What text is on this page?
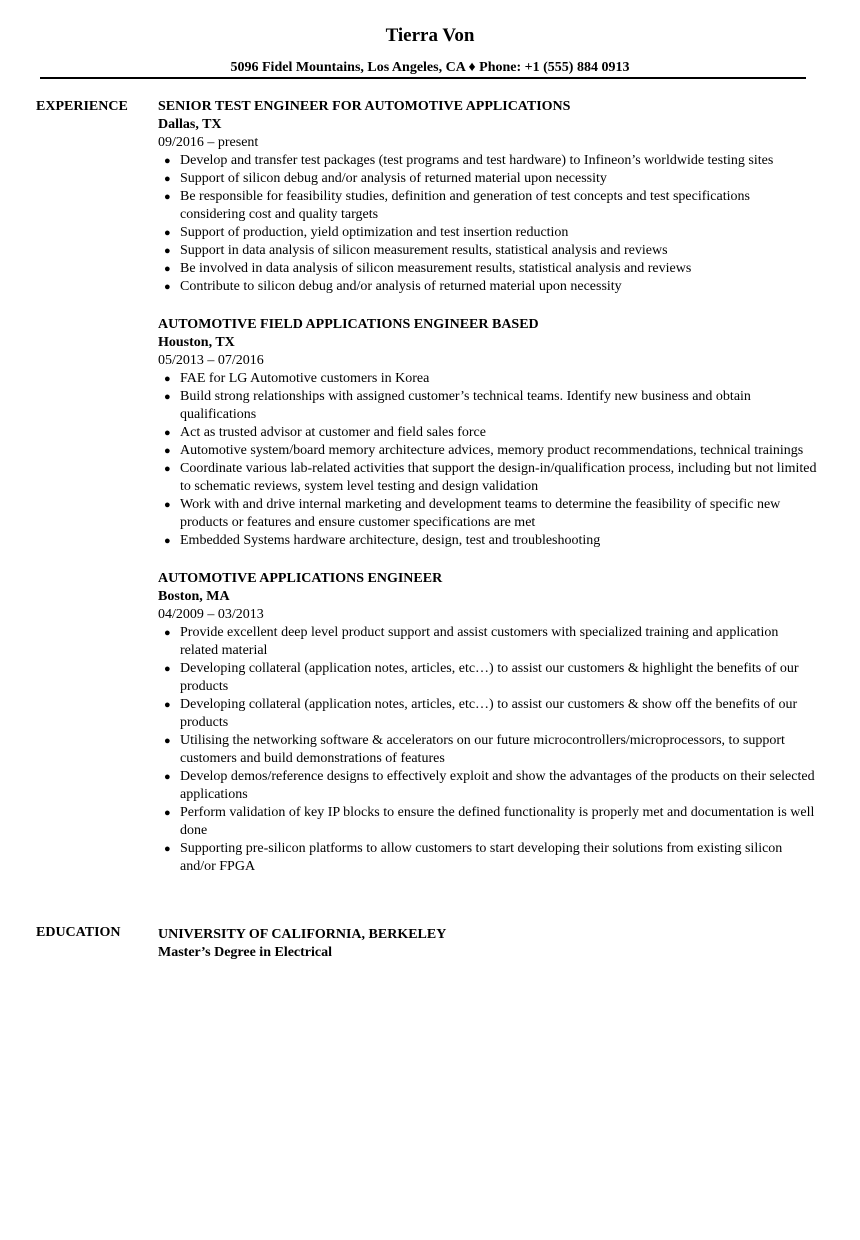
Tierra Von
5096 Fidel Mountains, Los Angeles, CA ♦ Phone: +1 (555) 884 0913
EXPERIENCE SENIOR TEST ENGINEER FOR AUTOMOTIVE APPLICATIONS
Dallas, TX
09/2016 – present
● Develop and transfer test packages (test programs and test hardware) to Infineon’s worldwide testing sites
● Support of silicon debug and/or analysis of returned material upon necessity
● Be responsible for feasibility studies, definition and generation of test concepts and test specifications considering cost and quality targets
● Support of production, yield optimization and test insertion reduction
● Support in data analysis of silicon measurement results, statistical analysis and reviews
● Be involved in data analysis of silicon measurement results, statistical analysis and reviews
● Contribute to silicon debug and/or analysis of returned material upon necessity
AUTOMOTIVE FIELD APPLICATIONS ENGINEER BASED
Houston, TX
05/2013 – 07/2016
● FAE for LG Automotive customers in Korea
● Build strong relationships with assigned customer’s technical teams. Identify new business and obtain qualifications
● Act as trusted advisor at customer and field sales force
● Automotive system/board memory architecture advices, memory product recommendations, technical trainings
● Coordinate various lab-related activities that support the design-in/qualification process, including but not limited to schematic reviews, system level testing and design validation
● Work with and drive internal marketing and development teams to determine the feasibility of specific new products or features and ensure customer specifications are met
● Embedded Systems hardware architecture, design, test and troubleshooting
AUTOMOTIVE APPLICATIONS ENGINEER
Boston, MA
04/2009 – 03/2013
● Provide excellent deep level product support and assist customers with specialized training and application related material
● Developing collateral (application notes, articles, etc…) to assist our customers & highlight the benefits of our products
● Developing collateral (application notes, articles, etc…) to assist our customers & show off the benefits of our products
● Utilising the networking software & accelerators on our future microcontrollers/microprocessors, to support customers and build demonstrations of features
● Develop demos/reference designs to effectively exploit and show the advantages of the products on their selected applications
● Perform validation of key IP blocks to ensure the defined functionality is properly met and documentation is well done
● Supporting pre-silicon platforms to allow customers to start developing their solutions from existing silicon and/or FPGA
EDUCATION	UNIVERSITY OF CALIFORNIA, BERKELEY
Master’s Degree in Electrical
